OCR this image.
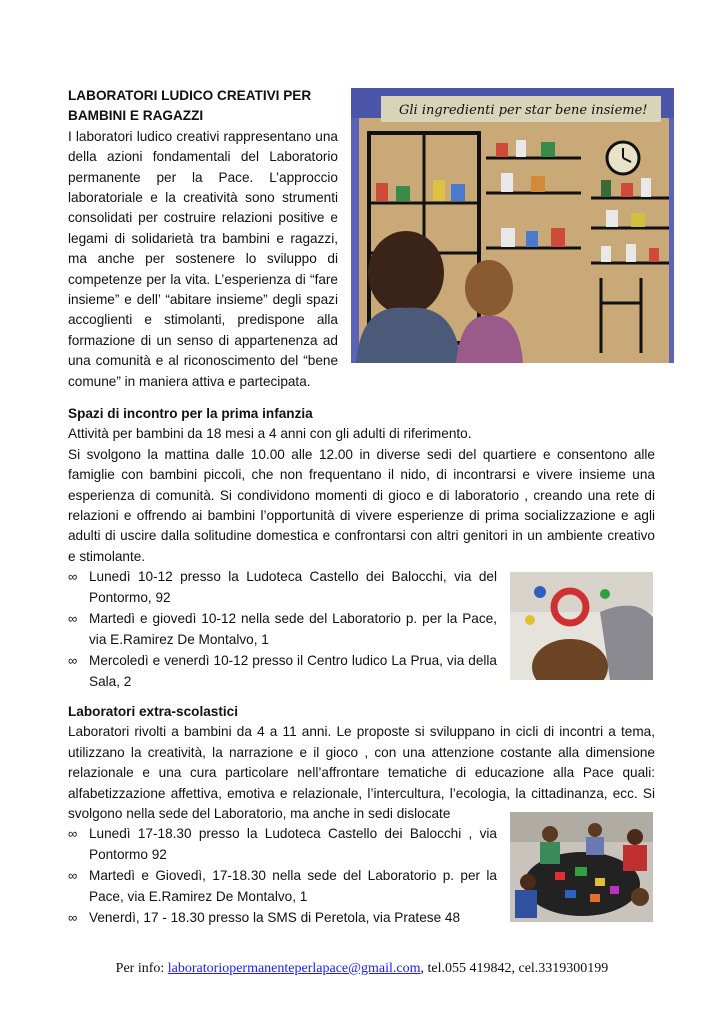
LABORATORI LUDICO CREATIVI PER
BAMBINI E RAGAZZI
I laboratori ludico creativi rappresentano una della azioni fondamentali del Laboratorio permanente per la Pace. L’approccio laboratoriale e la creatività sono strumenti consolidati per costruire relazioni positive e legami di solidarietà tra bambini e ragazzi, ma anche per sostenere lo sviluppo di competenze per la vita. L’esperienza di “fare insieme” e dell’ “abitare insieme” degli spazi accoglienti e stimolanti, predispone alla formazione di un senso di appartenenza ad una comunità e al riconoscimento del “bene comune” in maniera attiva e partecipata.
Gli ingredienti per star bene insieme!
Spazi di incontro per la prima infanzia
Attività per bambini da 18 mesi a 4 anni con gli adulti di riferimento.
Si svolgono la mattina dalle 10.00 alle 12.00 in diverse sedi del quartiere e consentono alle famiglie con bambini piccoli, che non frequentano il nido, di incontrarsi e vivere insieme una esperienza di comunità. Si condividono momenti di gioco e di laboratorio , creando una rete di relazioni e offrendo ai bambini l’opportunità di vivere esperienze di prima socializzazione e agli adulti di uscire dalla solitudine domestica e confrontarsi con altri genitori in un ambiente creativo e stimolante.
∞ Lunedì 10-12 presso la Ludoteca Castello dei Balocchi, via del Pontormo, 92
∞ Martedì e giovedì 10-12 nella sede del Laboratorio p. per la Pace, via E.Ramirez De Montalvo, 1
∞ Mercoledì e venerdì 10-12 presso il Centro ludico La Prua, via della Sala, 2
Laboratori extra-scolastici
Laboratori rivolti a bambini da 4 a 11 anni. Le proposte si sviluppano in cicli di incontri a tema, utilizzano la creatività, la narrazione e il gioco , con una attenzione costante alla dimensione relazionale e una cura particolare nell’affrontare tematiche di educazione alla Pace quali: alfabetizzazione affettiva, emotiva e relazionale, l’intercultura, l’ecologia, la cittadinanza, ecc. Si svolgono nella sede del Laboratorio, ma anche in sedi dislocate
∞ Lunedì 17-18.30 presso la Ludoteca Castello dei Balocchi , via Pontormo 92
∞ Martedì e Giovedì, 17-18.30 nella sede del Laboratorio p. per la Pace, via E.Ramirez De Montalvo, 1
∞ Venerdì, 17 - 18.30 presso la SMS di Peretola, via Pratese 48
Per info: laboratoriopermanenteperlapace@gmail.com, tel.055 419842, cel.3319300199
